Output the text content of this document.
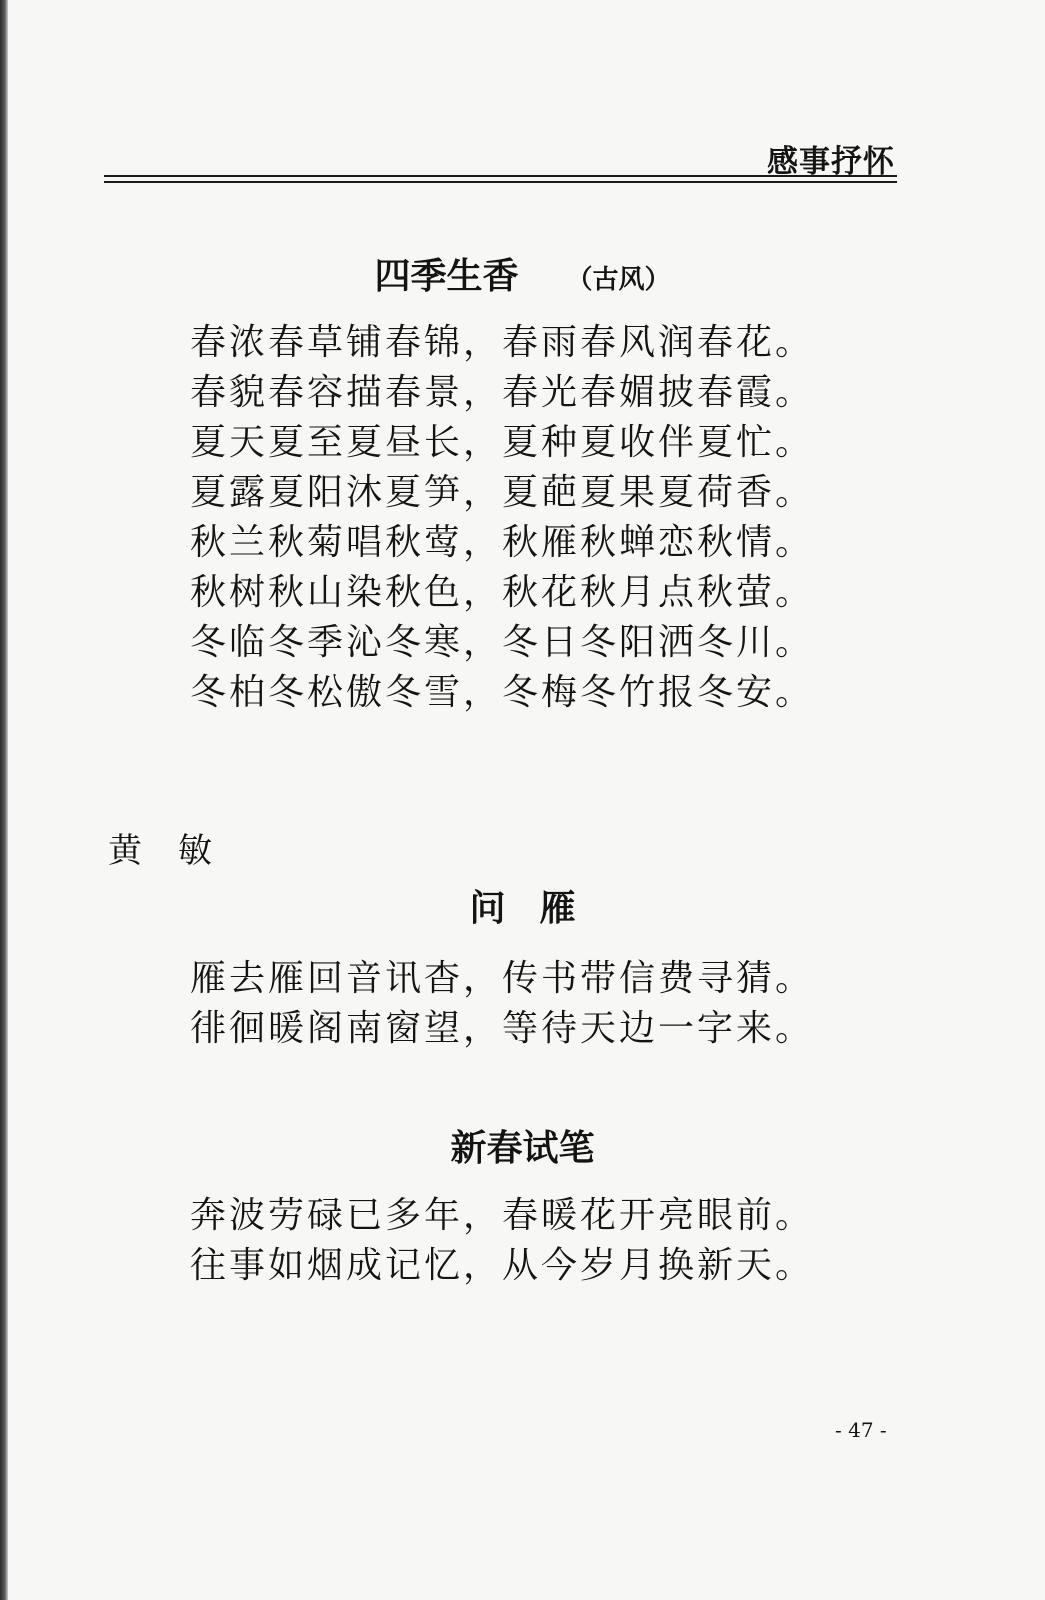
感事抒怀
四季生香 （古风）
春浓春草铺春锦，春雨春风润春花。
春貌春容描春景，春光春媚披春霞。
夏天夏至夏昼长，夏种夏收伴夏忙。
夏露夏阳沐夏笋，夏葩夏果夏荷香。
秋兰秋菊唱秋莺，秋雁秋蝉恋秋情。
秋树秋山染秋色，秋花秋月点秋萤。
冬临冬季沁冬寒，冬日冬阳洒冬川。
冬柏冬松傲冬雪，冬梅冬竹报冬安。
黄敏
问雁
雁去雁回音讯杳，传书带信费寻猜。
徘徊暖阁南窗望，等待天边一字来。
新春试笔
奔波劳碌已多年，春暖花开亮眼前。
往事如烟成记忆，从今岁月换新天。
- 47 -
